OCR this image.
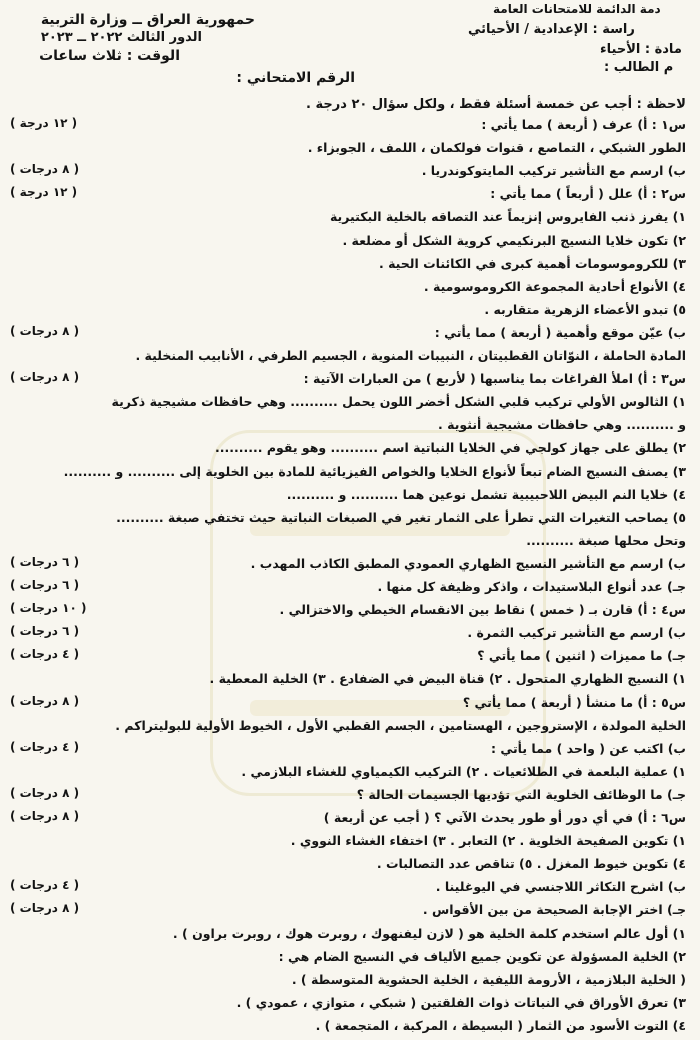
حمهورية العراق ــ وزارة التربية
الدور الثالث ٢٠٢٢ ــ ٢٠٢٣
الوقت : ثلاث ساعات
دمة الدائمة للامتحانات العامة
راسة : الإعدادية / الأحيائي
مادة : الأحياء
م الطالب :
الرقم الامتحاني :
لاحظة : أجب عن خمسة أسئلة فقط ، ولكل سؤال ٢٠ درجة .
س١ : أ) عرف ( أربعة ) مما يأتي :
( ١٢ درجة )
الطور الشبكي ، التماصع ، قنوات فولكمان ، اللمف ، الجوبزاء .
ب) ارسم مع التأشير تركيب المايتوكوندريا .
( ٨ درجات )
س٢ : أ) علل ( أربعاً ) مما يأتي :
( ١٢ درجة )
١) يفرز ذنب الفايروس إنزيماً عند التصاقه بالخلية البكتيرية
٢) تكون خلايا النسيج البرنكيمي كروية الشكل أو مضلعة .
٣) للكروموسومات أهمية كبرى في الكائنات الحية .
٤) الأنواع أحادية المجموعة الكروموسومية .
٥) تبدو الأعضاء الزهرية متقاربه .
ب) عيّن موقع وأهمية ( أربعة ) مما يأتي :
( ٨ درجات )
المادة الحاملة ، النوّاتان القطبيتان ، النبيبات المنوية ، الجسيم الطرفي ، الأنابيب المنخلية .
س٣ : أ) املأ الفراغات بما يناسبها ( لأربع ) من العبارات الآتية :
( ٨ درجات )
١) الثالوس الأولي تركيب قلبي الشكل أخضر اللون يحمل .......... وهي حافظات مشيجية ذكرية
و .......... وهي حافظات مشيجية أنثوية .
٢) يطلق على جهاز كولجي في الخلايا النباتية اسم .......... وهو يقوم ..........
٣) يصنف النسيج الضام تبعاً لأنواع الخلايا والخواص الفيزيائية للمادة بين الخلوية إلى .......... و ..........
٤) خلايا النم البيض اللاحبيبية تشمل نوعين هما .......... و ..........
٥) يصاحب التغيرات التي تطرأ على الثمار تغير في الصبغات النباتية حيث تختفي صبغة ..........
وتحل محلها صبغة ..........
ب) ارسم مع التأشير النسيج الظهاري العمودي المطبق الكاذب المهدب .
( ٦ درجات )
جـ) عدد أنواع البلاستيدات ، واذكر وظيفة كل منها .
( ٦ درجات )
س٤ : أ) قارن بـ ( خمس ) نقاط بين الانقسام الخيطي والاختزالي .
( ١٠ درجات )
ب) ارسم مع التأشير تركيب الثمرة .
( ٦ درجات )
جـ) ما مميزات ( اثنين ) مما يأتي ؟
( ٤ درجات )
١) النسيج الظهاري المتحول . ٢) قناة البيض في الضفادع . ٣) الخلية المعطية .
س٥ : أ) ما منشأ ( أربعة ) مما يأتي ؟
( ٨ درجات )
الخلية المولدة ، الإستروجين ، الهستامين ، الجسم القطبي الأول ، الخيوط الأولية للبوليتراكم .
ب) اكتب عن ( واحد ) مما يأتي :
( ٤ درجات )
١) عملية البلعمة في الطلائعيات . ٢) التركيب الكيمياوي للغشاء البلازمي .
جـ) ما الوظائف الخلوية التي تؤديها الجسيمات الحالة ؟
( ٨ درجات )
س٦ : أ) في أي دور أو طور يحدث الآتي ؟ ( أجب عن أربعة )
( ٨ درجات )
١) تكوين الصفيحة الخلوية . ٢) التعابر . ٣) اختفاء الغشاء النووي .
٤) تكوين خيوط المغزل . ٥) تناقص عدد التصالبات .
ب) اشرح التكاثر اللاجنسي في اليوغلينا .
( ٤ درجات )
جـ) اختر الإجابة الصحيحة من بين الأقواس .
( ٨ درجات )
١) أول عالم استخدم كلمة الخلية هو ( لازن ليفنهوك ، روبرت هوك ، روبرت براون ) .
٢) الخلية المسؤولة عن تكوين جميع الألياف في النسيج الضام هي :
( الخلية البلازمية ، الأرومة الليفية ، الخلية الحشوية المتوسطة ) .
٣) تعرق الأوراق في النباتات ذوات الفلقتين ( شبكي ، متوازي ، عمودي ) .
٤) التوت الأسود من الثمار ( البسيطة ، المركبة ، المتجمعة ) .
